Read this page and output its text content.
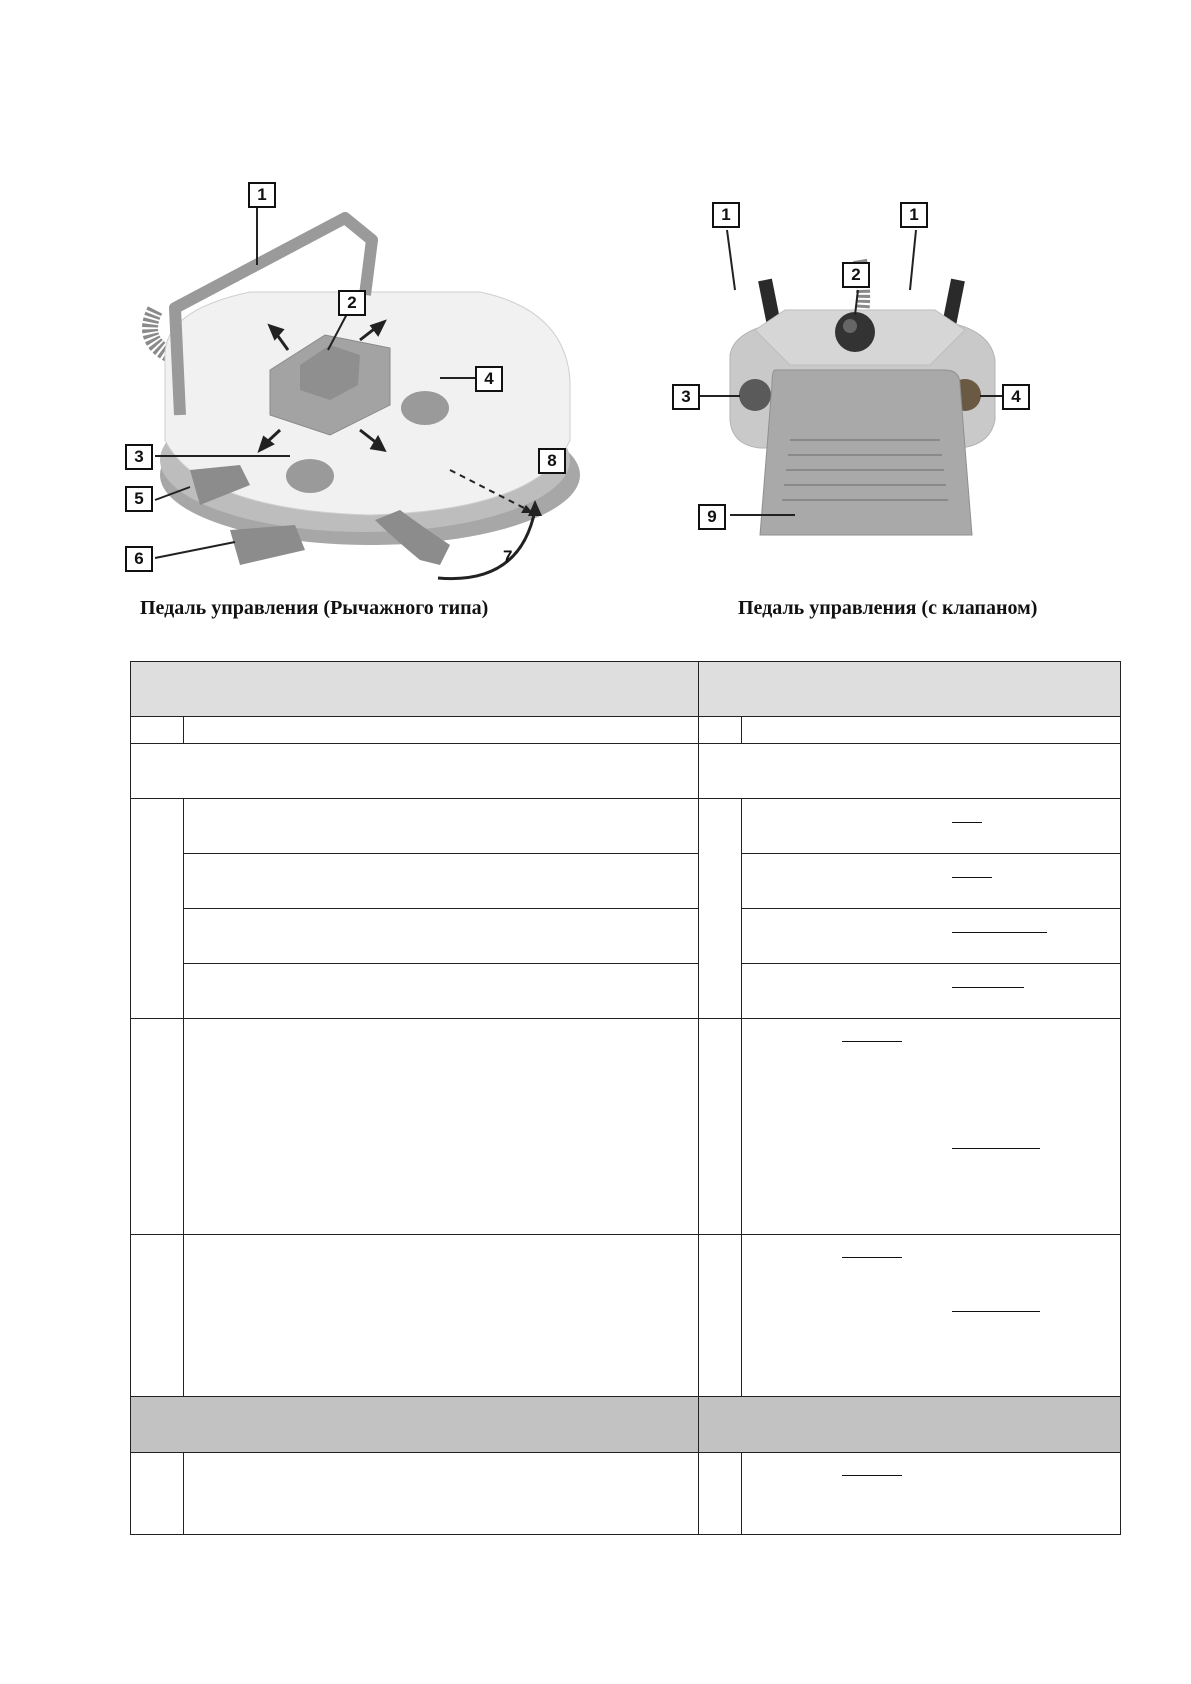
1
2
3
4
5
6	7
8
1	1
2
3	4
9
Педаль управления (Рычажного типа)	Педаль управления (с клапаном)
